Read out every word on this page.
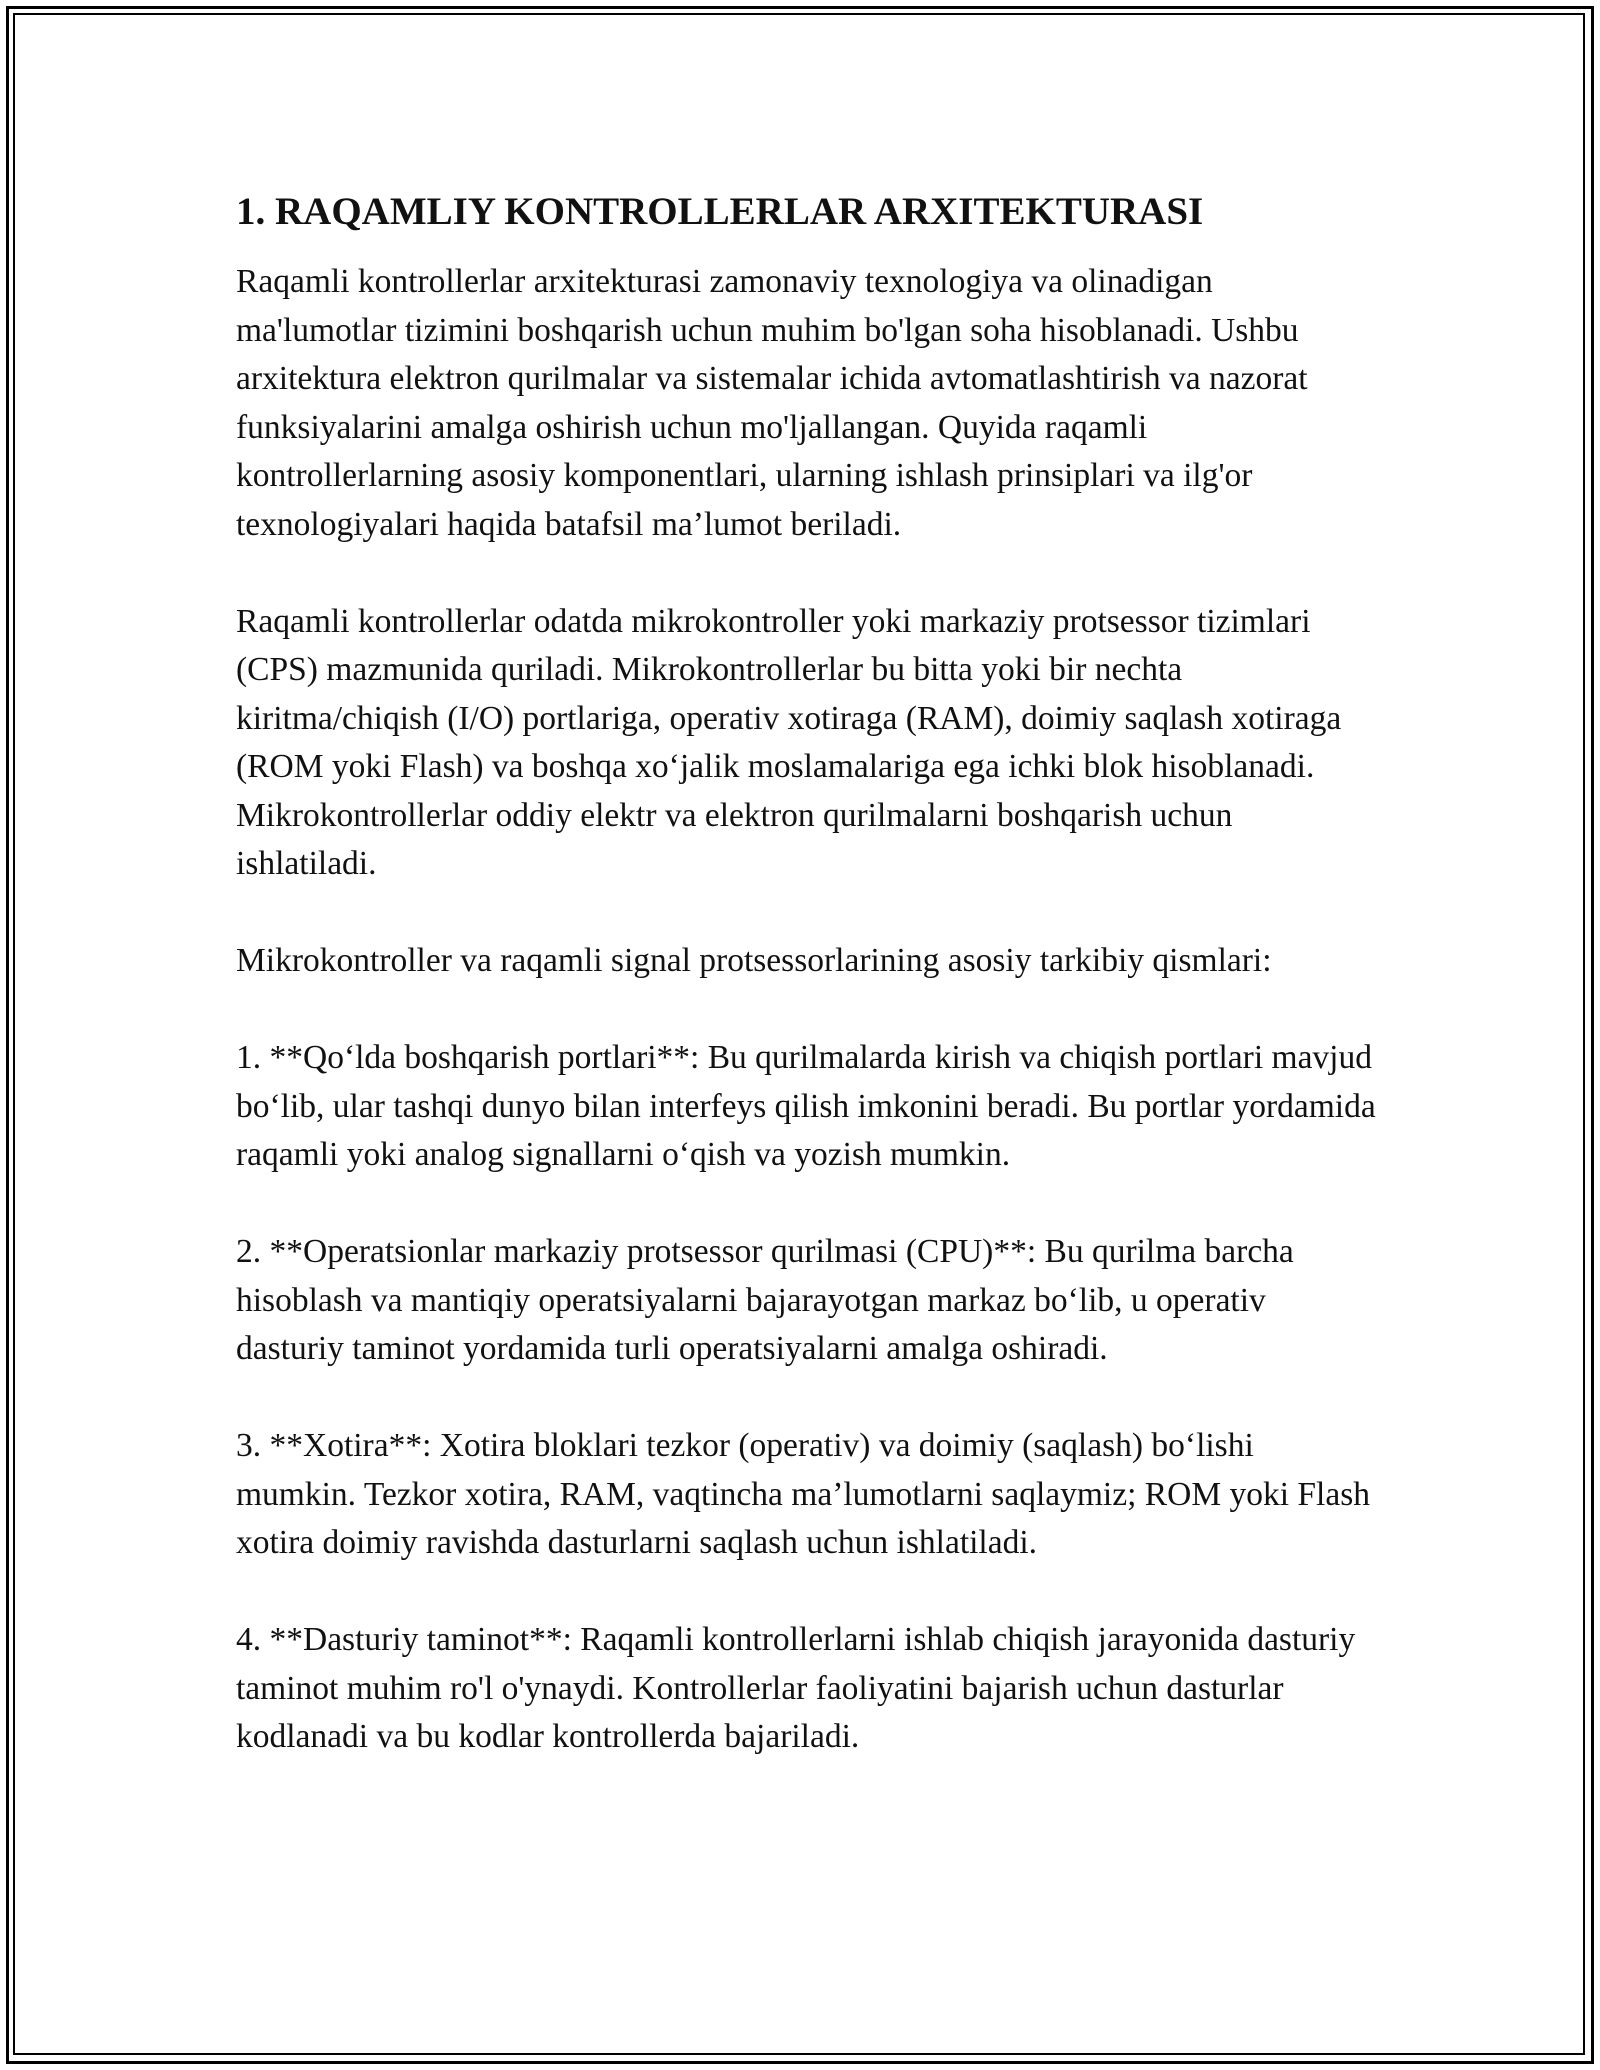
1. RAQAMLIY KONTROLLERLAR ARXITEKTURASI

Raqamli kontrollerlar arxitekturasi zamonaviy texnologiya va olinadigan ma'lumotlar tizimini boshqarish uchun muhim bo'lgan soha hisoblanadi. Ushbu arxitektura elektron qurilmalar va sistemalar ichida avtomatlashtirish va nazorat funksiyalarini amalga oshirish uchun mo'ljallangan. Quyida raqamli kontrollerlarning asosiy komponentlari, ularning ishlash prinsiplari va ilg'or texnologiyalari haqida batafsil ma’lumot beriladi.

Raqamli kontrollerlar odatda mikrokontroller yoki markaziy protsessor tizimlari (CPS) mazmunida quriladi. Mikrokontrollerlar bu bitta yoki bir nechta kiritma/chiqish (I/O) portlariga, operativ xotiraga (RAM), doimiy saqlash xotiraga (ROM yoki Flash) va boshqa xo‘jalik moslamalariga ega ichki blok hisoblanadi. Mikrokontrollerlar oddiy elektr va elektron qurilmalarni boshqarish uchun ishlatiladi.

Mikrokontroller va raqamli signal protsessorlarining asosiy tarkibiy qismlari:

1. **Qo‘lda boshqarish portlari**: Bu qurilmalarda kirish va chiqish portlari mavjud bo‘lib, ular tashqi dunyo bilan interfeys qilish imkonini beradi. Bu portlar yordamida raqamli yoki analog signallarni o‘qish va yozish mumkin.

2. **Operatsionlar markaziy protsessor qurilmasi (CPU)**: Bu qurilma barcha hisoblash va mantiqiy operatsiyalarni bajarayotgan markaz bo‘lib, u operativ dasturiy taminot yordamida turli operatsiyalarni amalga oshiradi.

3. **Xotira**: Xotira bloklari tezkor (operativ) va doimiy (saqlash) bo‘lishi mumkin. Tezkor xotira, RAM, vaqtincha ma’lumotlarni saqlaymiz; ROM yoki Flash xotira doimiy ravishda dasturlarni saqlash uchun ishlatiladi.

4. **Dasturiy taminot**: Raqamli kontrollerlarni ishlab chiqish jarayonida dasturiy taminot muhim ro'l o'ynaydi. Kontrollerlar faoliyatini bajarish uchun dasturlar kodlanadi va bu kodlar kontrollerda bajariladi.
